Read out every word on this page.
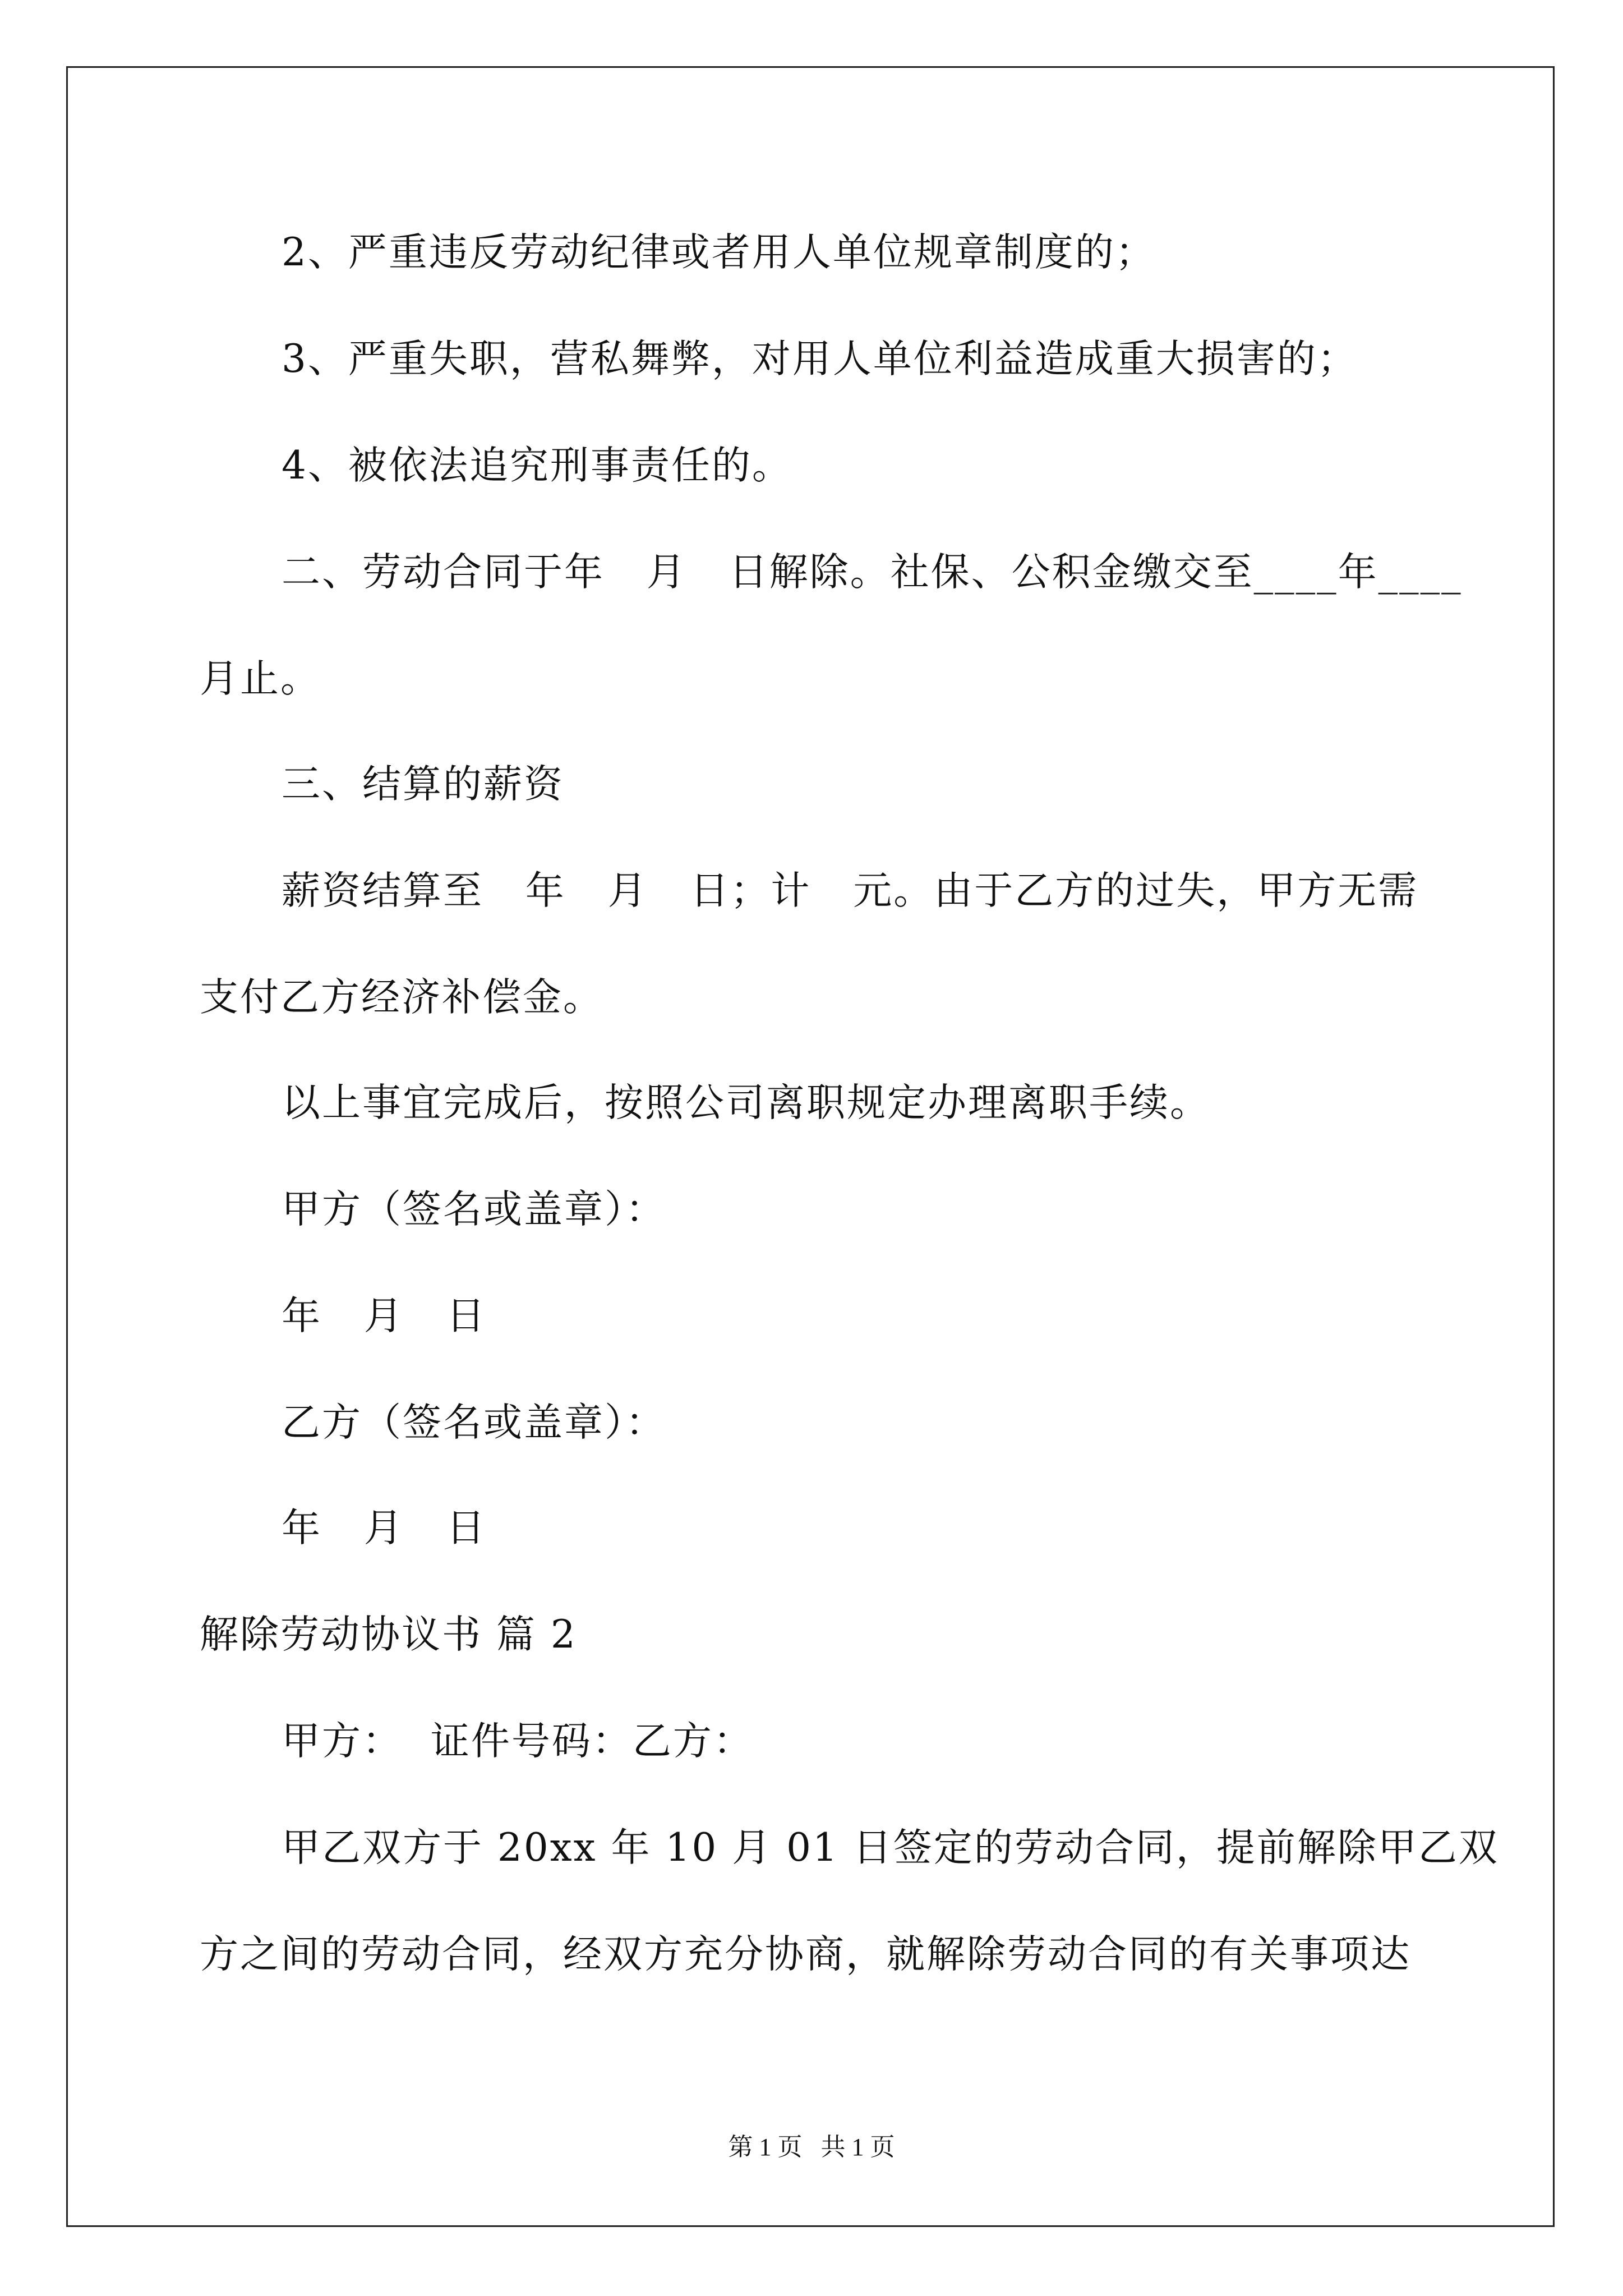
2、严重违反劳动纪律或者用人单位规章制度的；
3、严重失职，营私舞弊，对用人单位利益造成重大损害的；
4、被依法追究刑事责任的。
二、劳动合同于年   月   日解除。社保、公积金缴交至____年____
月止。
三、结算的薪资
薪资结算至   年   月   日；计   元。由于乙方的过失，甲方无需
支付乙方经济补偿金。
以上事宜完成后，按照公司离职规定办理离职手续。
甲方（签名或盖章）：
年   月   日
乙方（签名或盖章）：
年   月   日
解除劳动协议书 篇 2
甲方：  证件号码：乙方：
甲乙双方于 20xx 年 10 月 01 日签定的劳动合同，提前解除甲乙双
方之间的劳动合同，经双方充分协商，就解除劳动合同的有关事项达
第 1 页   共 1 页
